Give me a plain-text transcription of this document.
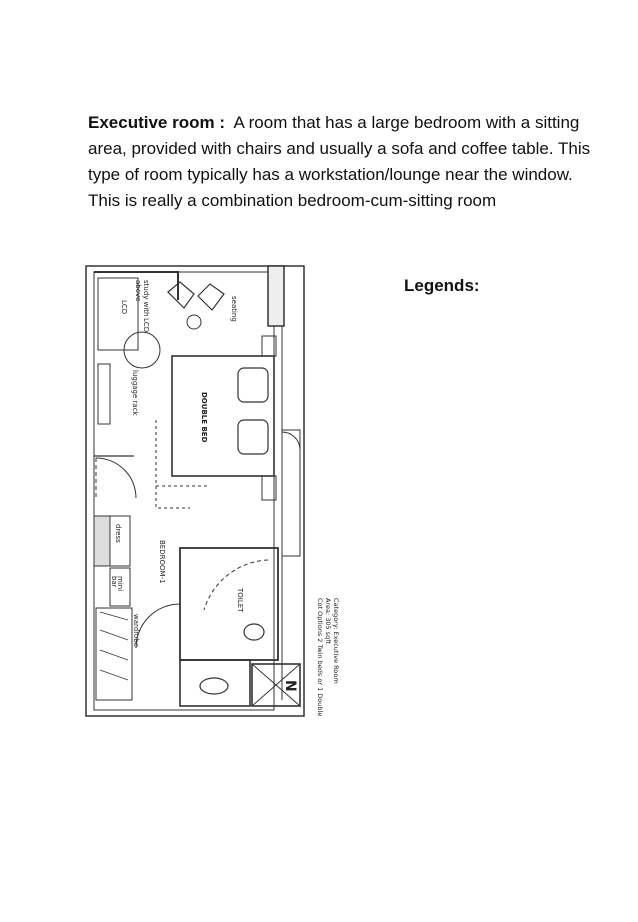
Executive room : A room that has a large bedroom with a sitting area, provided with chairs and usually a sofa and coffee table. This type of room typically has a workstation/lounge near the window. This is really a combination bedroom-cum-sitting room
Legends:
study with
LCD
above
LCD
luggage rack
seating
DOUBLE BED
dress
mini
bar	BEDROOM-1
TOILET
wardrobe
N
Category: Executive Room
Area: 305 sqft
Cot Options 2 Twin beds or 1 Double
